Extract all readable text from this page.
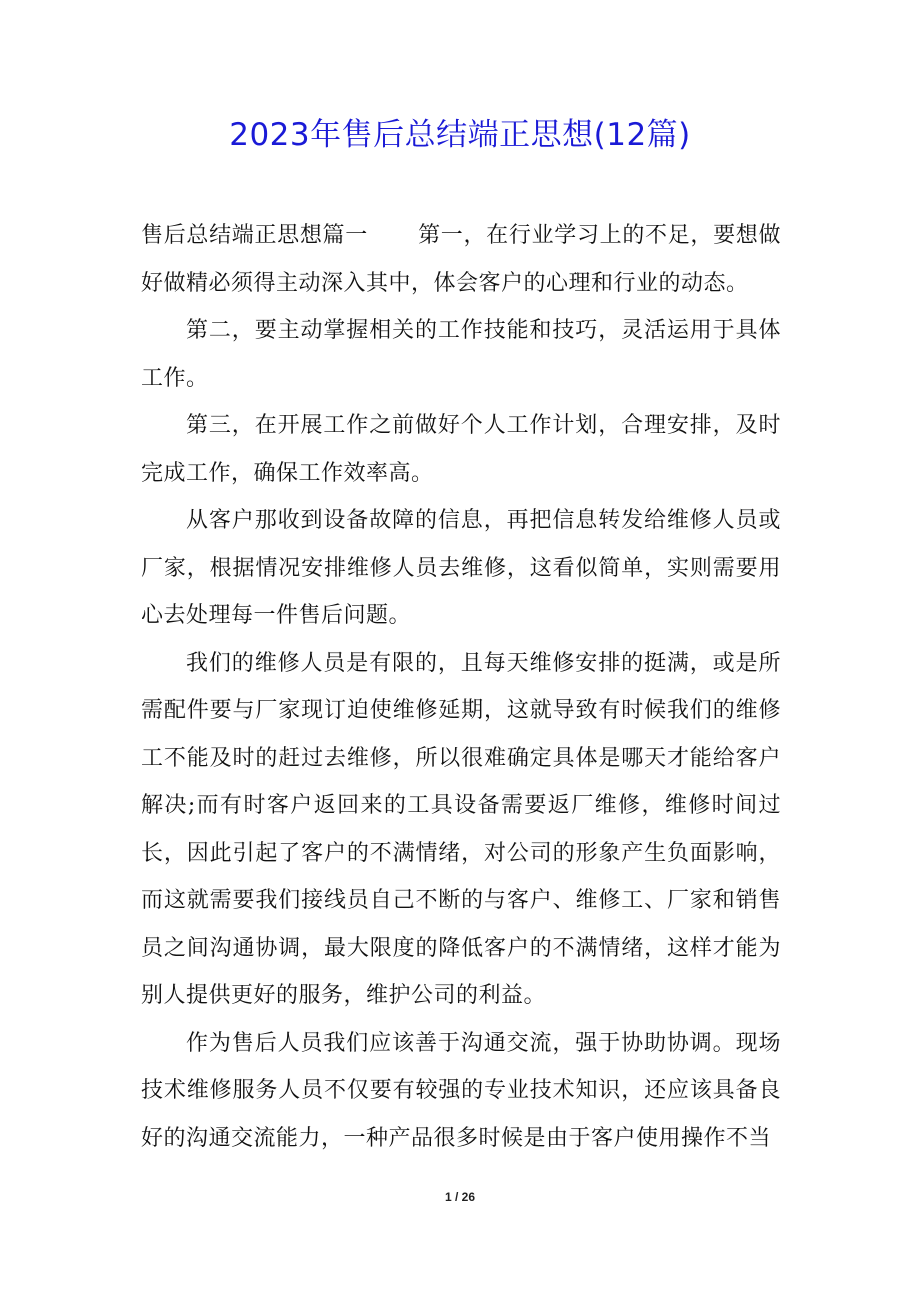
2023年售后总结端正思想(12篇)

售后总结端正思想篇一 第一，在行业学习上的不足，要想做好做精必须得主动深入其中，体会客户的心理和行业的动态。

第二，要主动掌握相关的工作技能和技巧，灵活运用于具体工作。

第三，在开展工作之前做好个人工作计划，合理安排，及时完成工作，确保工作效率高。

从客户那收到设备故障的信息，再把信息转发给维修人员或厂家，根据情况安排维修人员去维修，这看似简单，实则需要用心去处理每一件售后问题。

我们的维修人员是有限的，且每天维修安排的挺满，或是所需配件要与厂家现订迫使维修延期，这就导致有时候我们的维修工不能及时的赶过去维修，所以很难确定具体是哪天才能给客户解决;而有时客户返回来的工具设备需要返厂维修，维修时间过长，因此引起了客户的不满情绪，对公司的形象产生负面影响，而这就需要我们接线员自己不断的与客户、维修工、厂家和销售员之间沟通协调，最大限度的降低客户的不满情绪，这样才能为别人提供更好的服务，维护公司的利益。

作为售后人员我们应该善于沟通交流，强于协助协调。现场技术维修服务人员不仅要有较强的专业技术知识，还应该具备良好的沟通交流能力，一种产品很多时候是由于客户使用操作不当

1 / 26
